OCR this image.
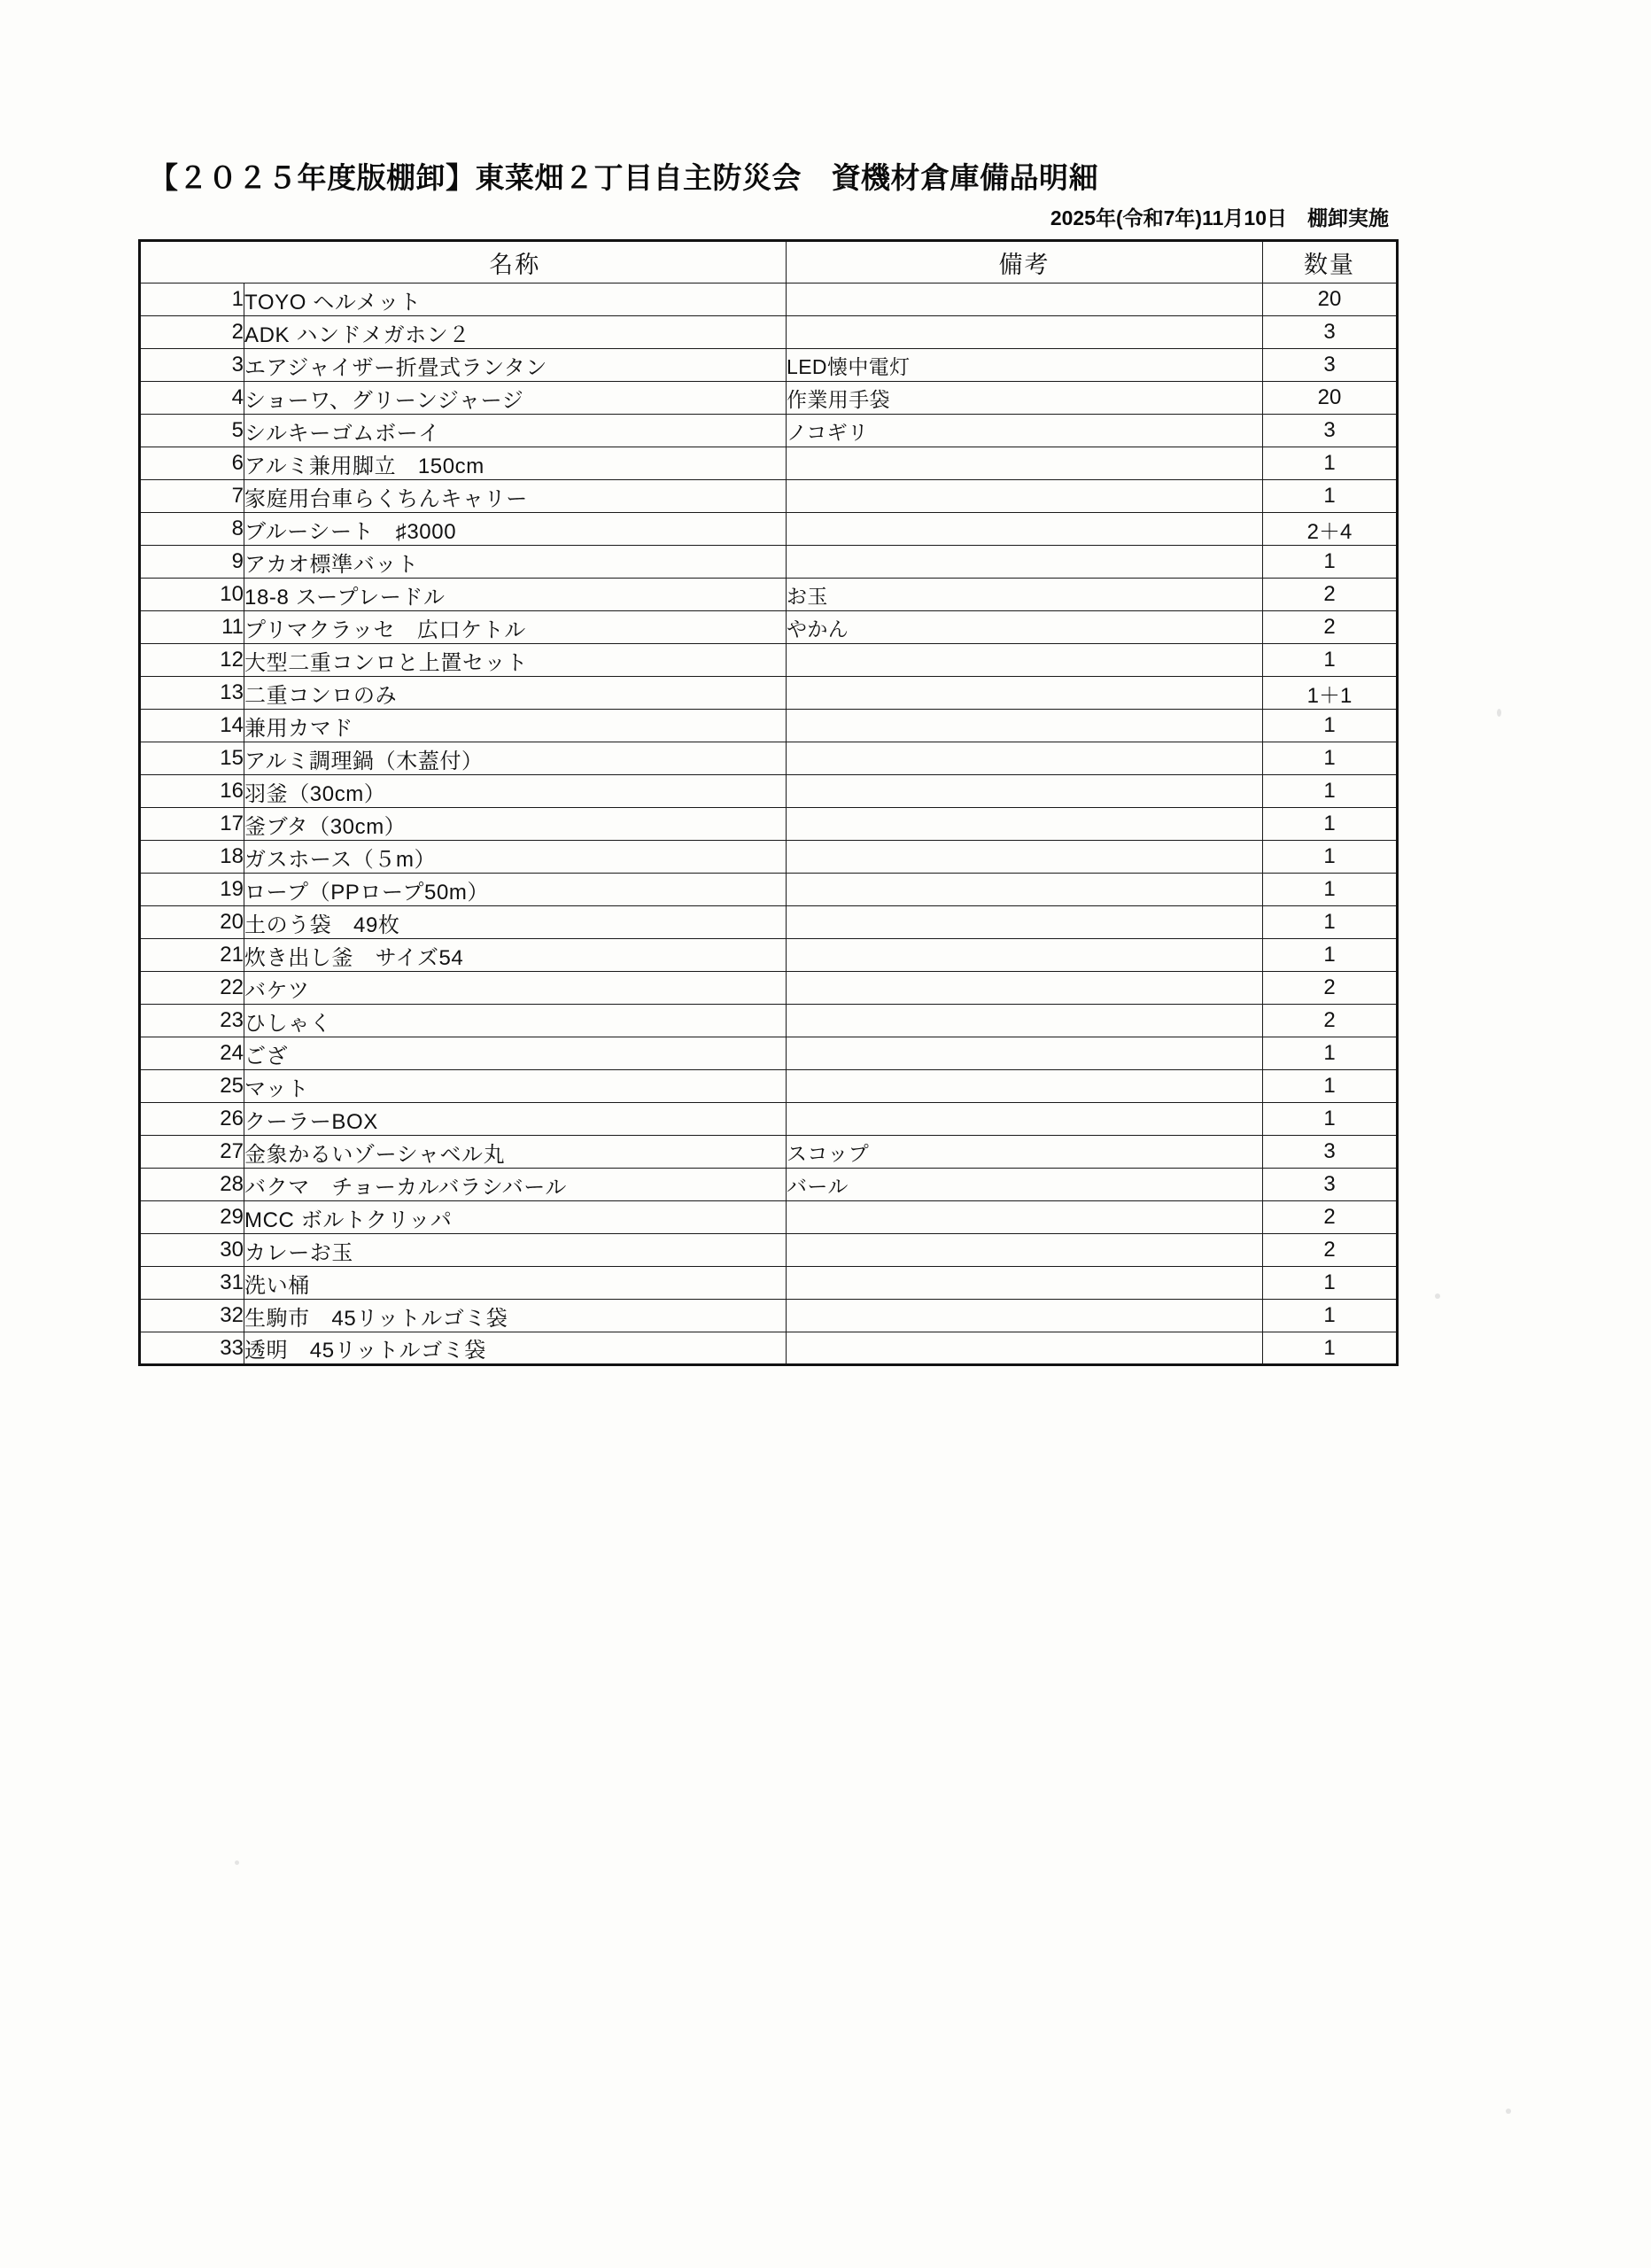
【２０２５年度版棚卸】東菜畑２丁目自主防災会　資機材倉庫備品明細
2025年(令和7年)11月10日　棚卸実施
	名称	備考	数量
1	TOYO ヘルメット		20
2	ADK ハンドメガホン２		3
3	エアジャイザー折畳式ランタン	LED懐中電灯	3
4	ショーワ、グリーンジャージ	作業用手袋	20
5	シルキーゴムボーイ	ノコギリ	3
6	アルミ兼用脚立　150cm		1
7	家庭用台車らくちんキャリー		1
8	ブルーシート　♯3000		2＋4
9	アカオ標準バット		1
10	18-8 スープレードル	お玉	2
11	プリマクラッセ　広口ケトル	やかん	2
12	大型二重コンロと上置セット		1
13	二重コンロのみ		1＋1
14	兼用カマド		1
15	アルミ調理鍋（木蓋付）		1
16	羽釜（30cm）		1
17	釜ブタ（30cm）		1
18	ガスホース（５m）		1
19	ロープ（PPロープ50m）		1
20	土のう袋　49枚		1
21	炊き出し釜　サイズ54		1
22	バケツ		2
23	ひしゃく		2
24	ござ		1
25	マット		1
26	クーラーBOX		1
27	金象かるいゾーシャベル丸	スコップ	3
28	バクマ　チョーカルバラシバール	バール	3
29	MCC ボルトクリッパ		2
30	カレーお玉		2
31	洗い桶		1
32	生駒市　45リットルゴミ袋		1
33	透明　45リットルゴミ袋		1
